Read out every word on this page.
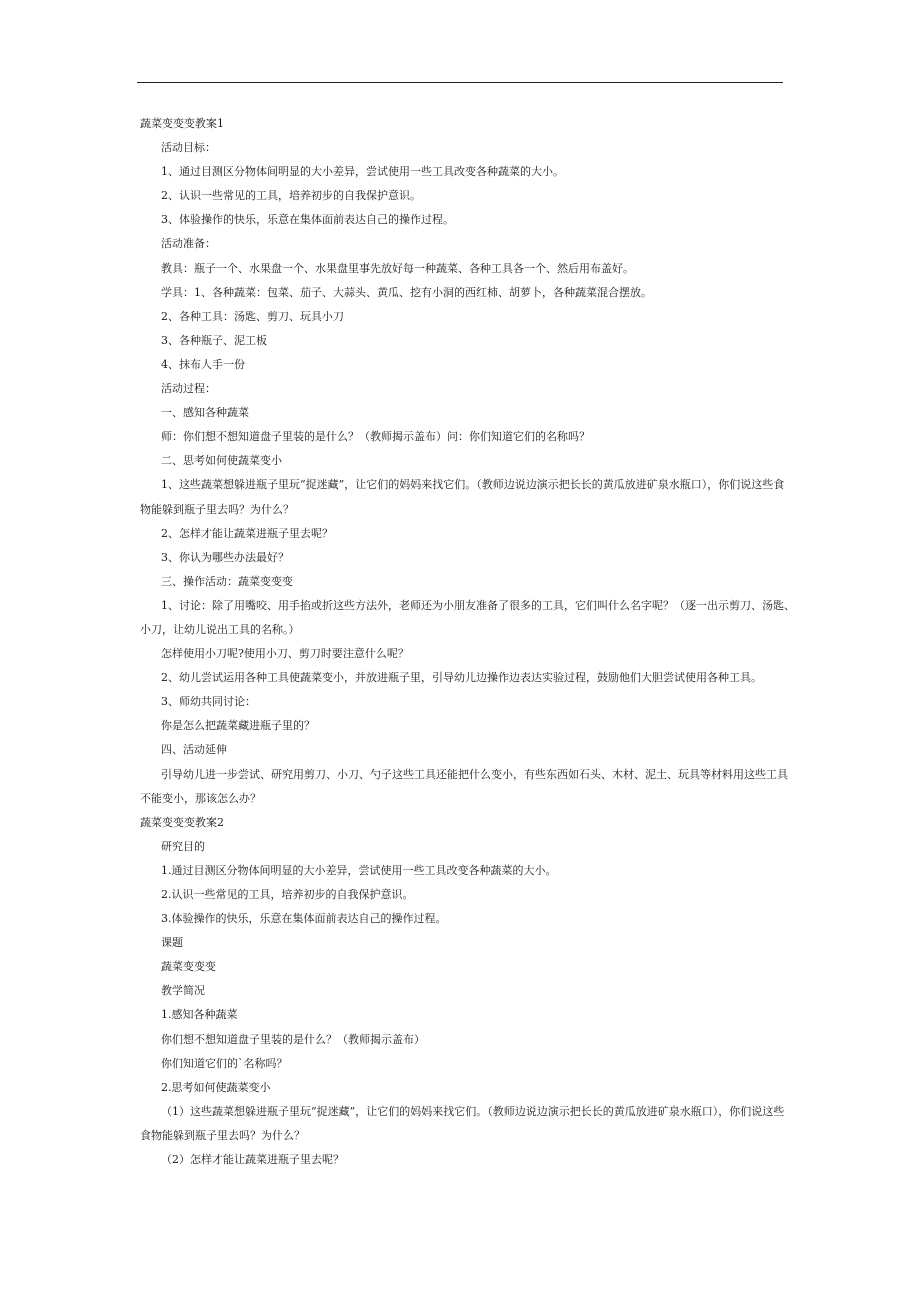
蔬菜变变变教案1

活动目标：

1、通过目测区分物体间明显的大小差异，尝试使用一些工具改变各种蔬菜的大小。

2、认识一些常见的工具，培养初步的自我保护意识。

3、体验操作的快乐，乐意在集体面前表达自己的操作过程。

活动准备：

教具：瓶子一个、水果盘一个、水果盘里事先放好每一种蔬菜、各种工具各一个、然后用布盖好。

学具：1、各种蔬菜：包菜、茄子、大蒜头、黄瓜、挖有小洞的西红柿、胡萝卜，各种蔬菜混合摆放。

2、各种工具：汤匙、剪刀、玩具小刀

3、各种瓶子、泥工板

4、抹布人手一份

活动过程：

一、感知各种蔬菜

师：你们想不想知道盘子里装的是什么？（教师揭示盖布）问：你们知道它们的名称吗？

二、思考如何使蔬菜变小

1、这些蔬菜想躲进瓶子里玩“捉迷藏”，让它们的妈妈来找它们。（教师边说边演示把长长的黄瓜放进矿泉水瓶口），你们说这些食

物能躲到瓶子里去吗？为什么？

2、怎样才能让蔬菜进瓶子里去呢？

3、你认为哪些办法最好？

三、操作活动：蔬菜变变变

1、讨论：除了用嘴咬、用手掐或折这些方法外，老师还为小朋友准备了很多的工具，它们叫什么名字呢？（逐一出示剪刀、汤匙、

小刀，让幼儿说出工具的名称。）

怎样使用小刀呢?使用小刀、剪刀时要注意什么呢？

2、幼儿尝试运用各种工具使蔬菜变小，并放进瓶子里，引导幼儿边操作边表达实验过程，鼓励他们大胆尝试使用各种工具。

3、师幼共同讨论：

你是怎么把蔬菜藏进瓶子里的？

四、活动延伸

引导幼儿进一步尝试、研究用剪刀、小刀、勺子这些工具还能把什么变小，有些东西如石头、木材、泥土、玩具等材料用这些工具

不能变小，那该怎么办？

蔬菜变变变教案2

研究目的

1.通过目测区分物体间明显的大小差异，尝试使用一些工具改变各种蔬菜的大小。

2.认识一些常见的工具，培养初步的自我保护意识。

3.体验操作的快乐，乐意在集体面前表达自己的操作过程。

课题

蔬菜变变变

教学简况

1.感知各种蔬菜

你们想不想知道盘子里装的是什么？（教师揭示盖布）

你们知道它们的`名称吗？

2.思考如何使蔬菜变小

（1）这些蔬菜想躲进瓶子里玩“捉迷藏”，让它们的妈妈来找它们。（教师边说边演示把长长的黄瓜放进矿泉水瓶口），你们说这些

食物能躲到瓶子里去吗？为什么？

（2）怎样才能让蔬菜进瓶子里去呢？
